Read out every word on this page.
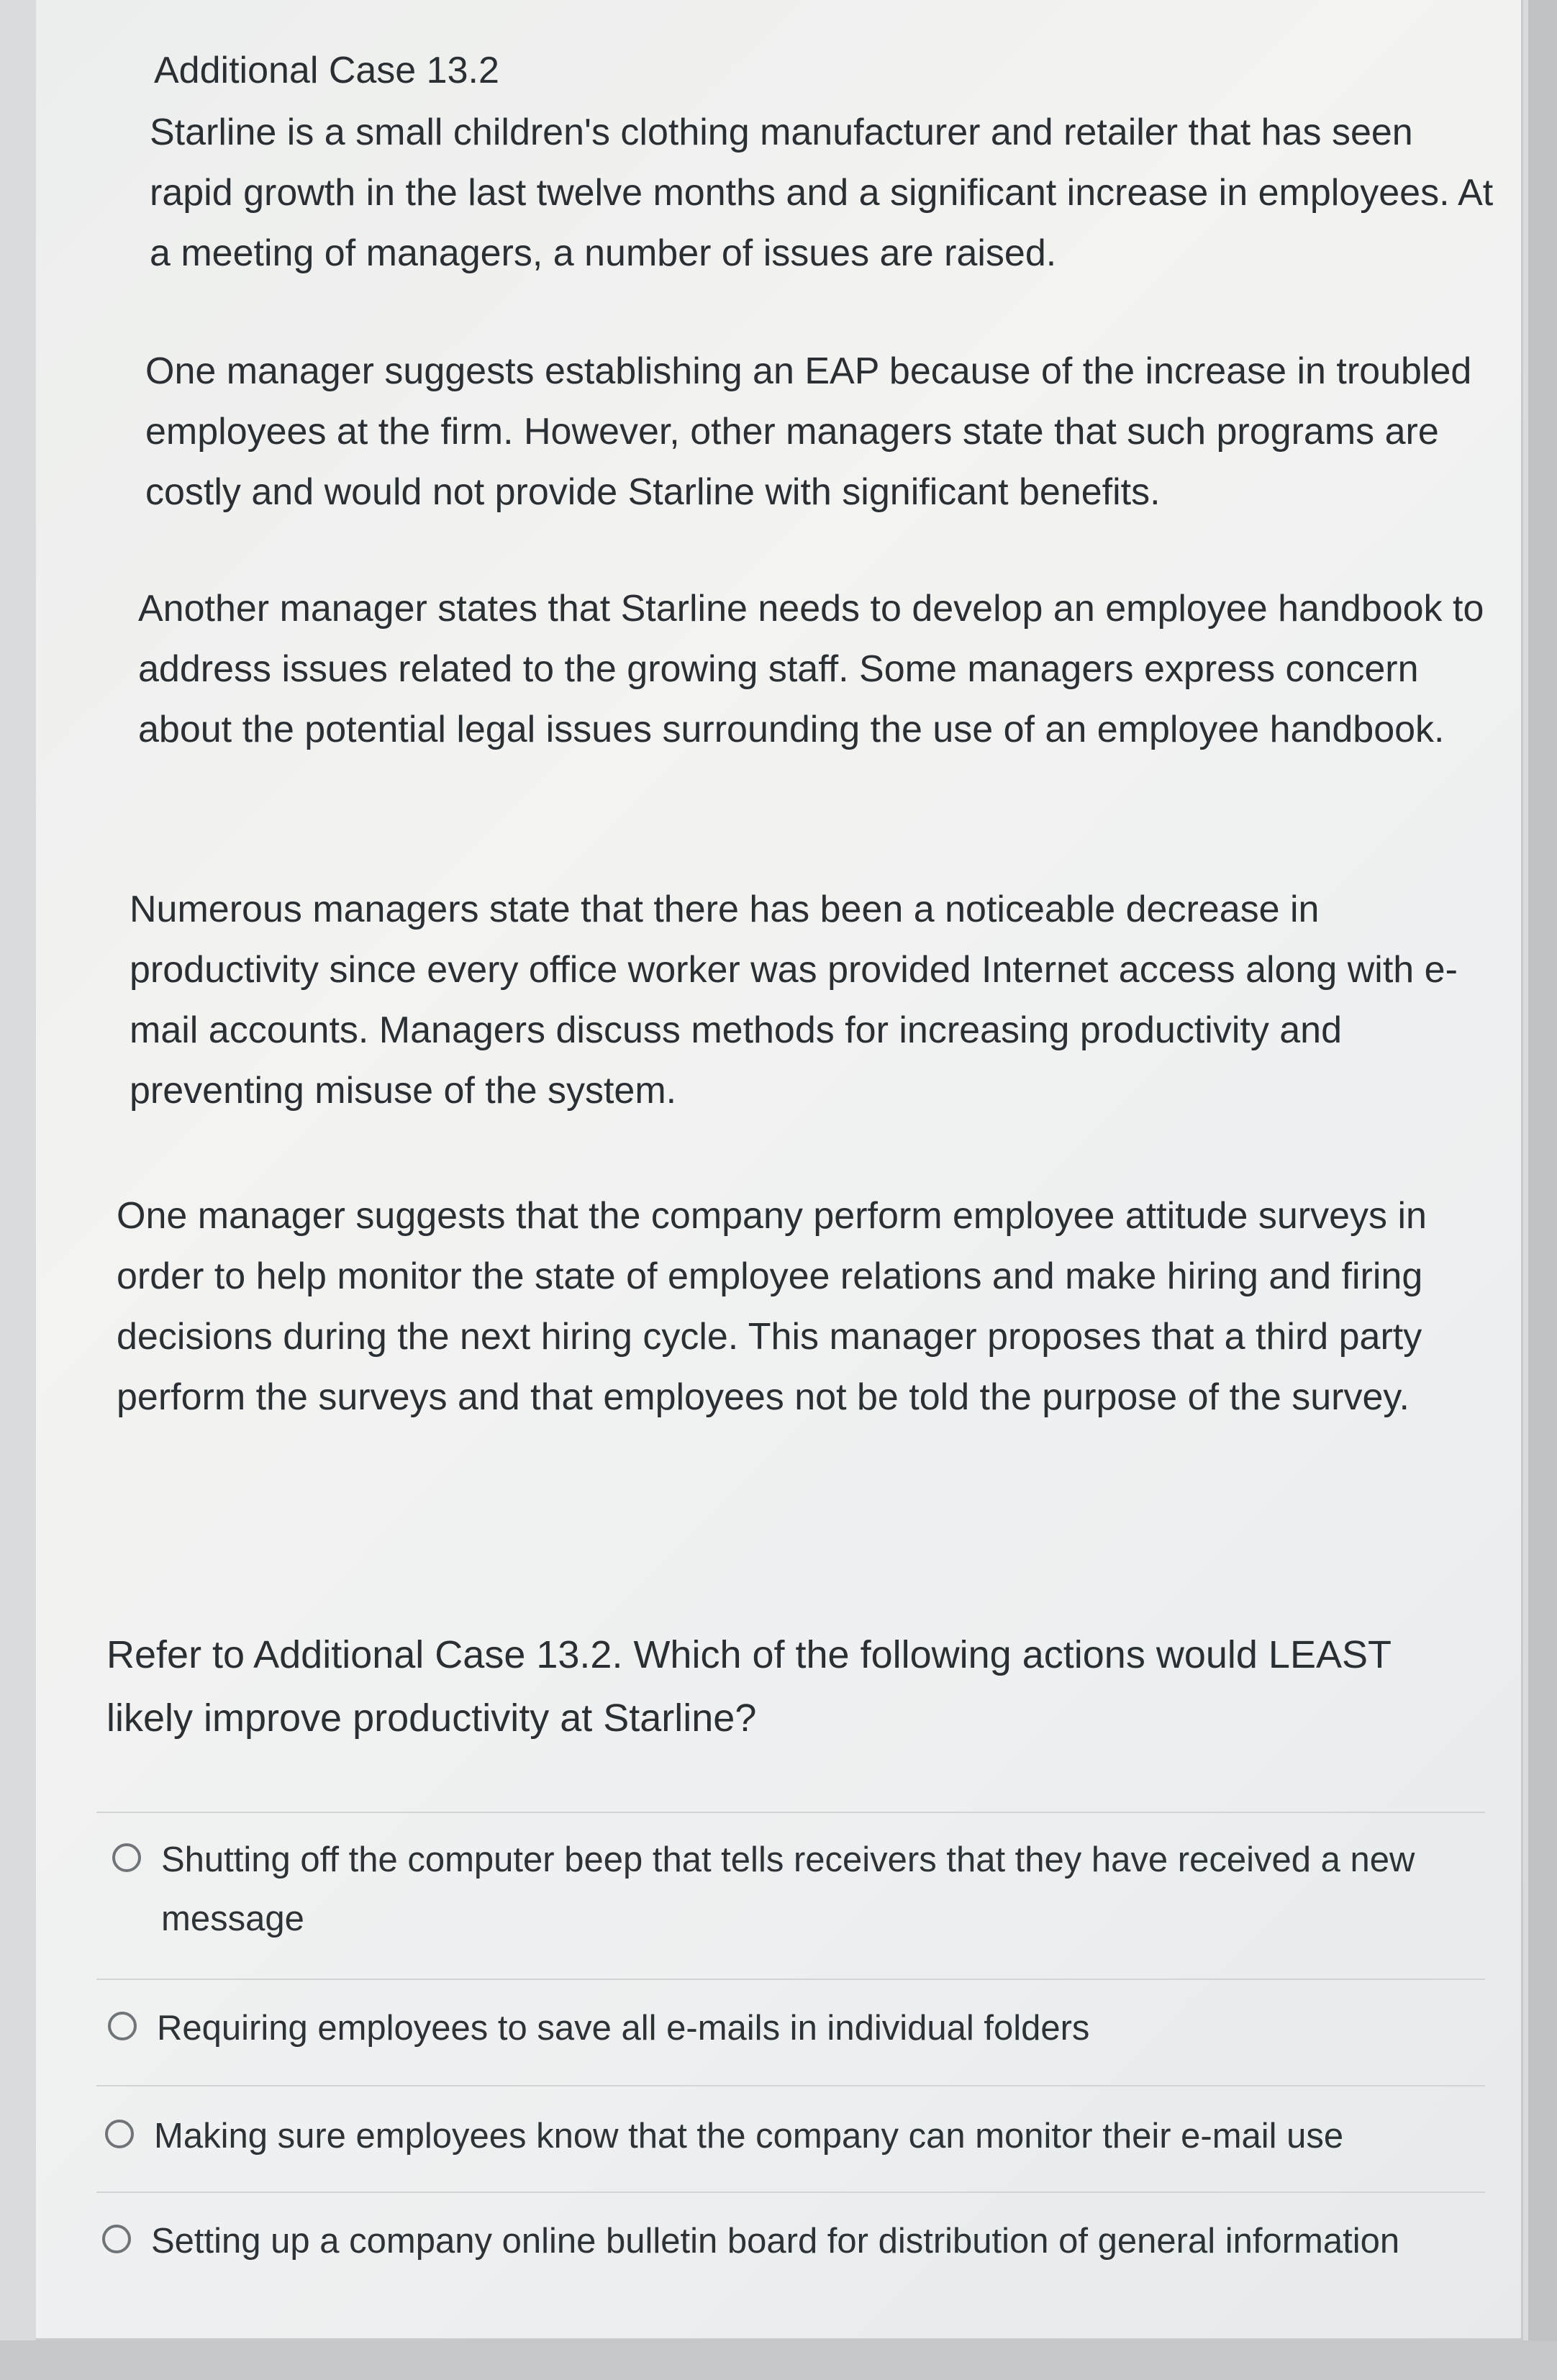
Additional Case 13.2

Starline is a small children's clothing manufacturer and retailer that has seen rapid growth in the last twelve months and a significant increase in employees. At a meeting of managers, a number of issues are raised.

One manager suggests establishing an EAP because of the increase in troubled employees at the firm. However, other managers state that such programs are costly and would not provide Starline with significant benefits.

Another manager states that Starline needs to develop an employee handbook to address issues related to the growing staff. Some managers express concern about the potential legal issues surrounding the use of an employee handbook.

Numerous managers state that there has been a noticeable decrease in productivity since every office worker was provided Internet access along with e-mail accounts. Managers discuss methods for increasing productivity and preventing misuse of the system.

One manager suggests that the company perform employee attitude surveys in order to help monitor the state of employee relations and make hiring and firing decisions during the next hiring cycle. This manager proposes that a third party perform the surveys and that employees not be told the purpose of the survey.

Refer to Additional Case 13.2. Which of the following actions would LEAST likely improve productivity at Starline?

Shutting off the computer beep that tells receivers that they have received a new message
Requiring employees to save all e-mails in individual folders
Making sure employees know that the company can monitor their e-mail use
Setting up a company online bulletin board for distribution of general information
